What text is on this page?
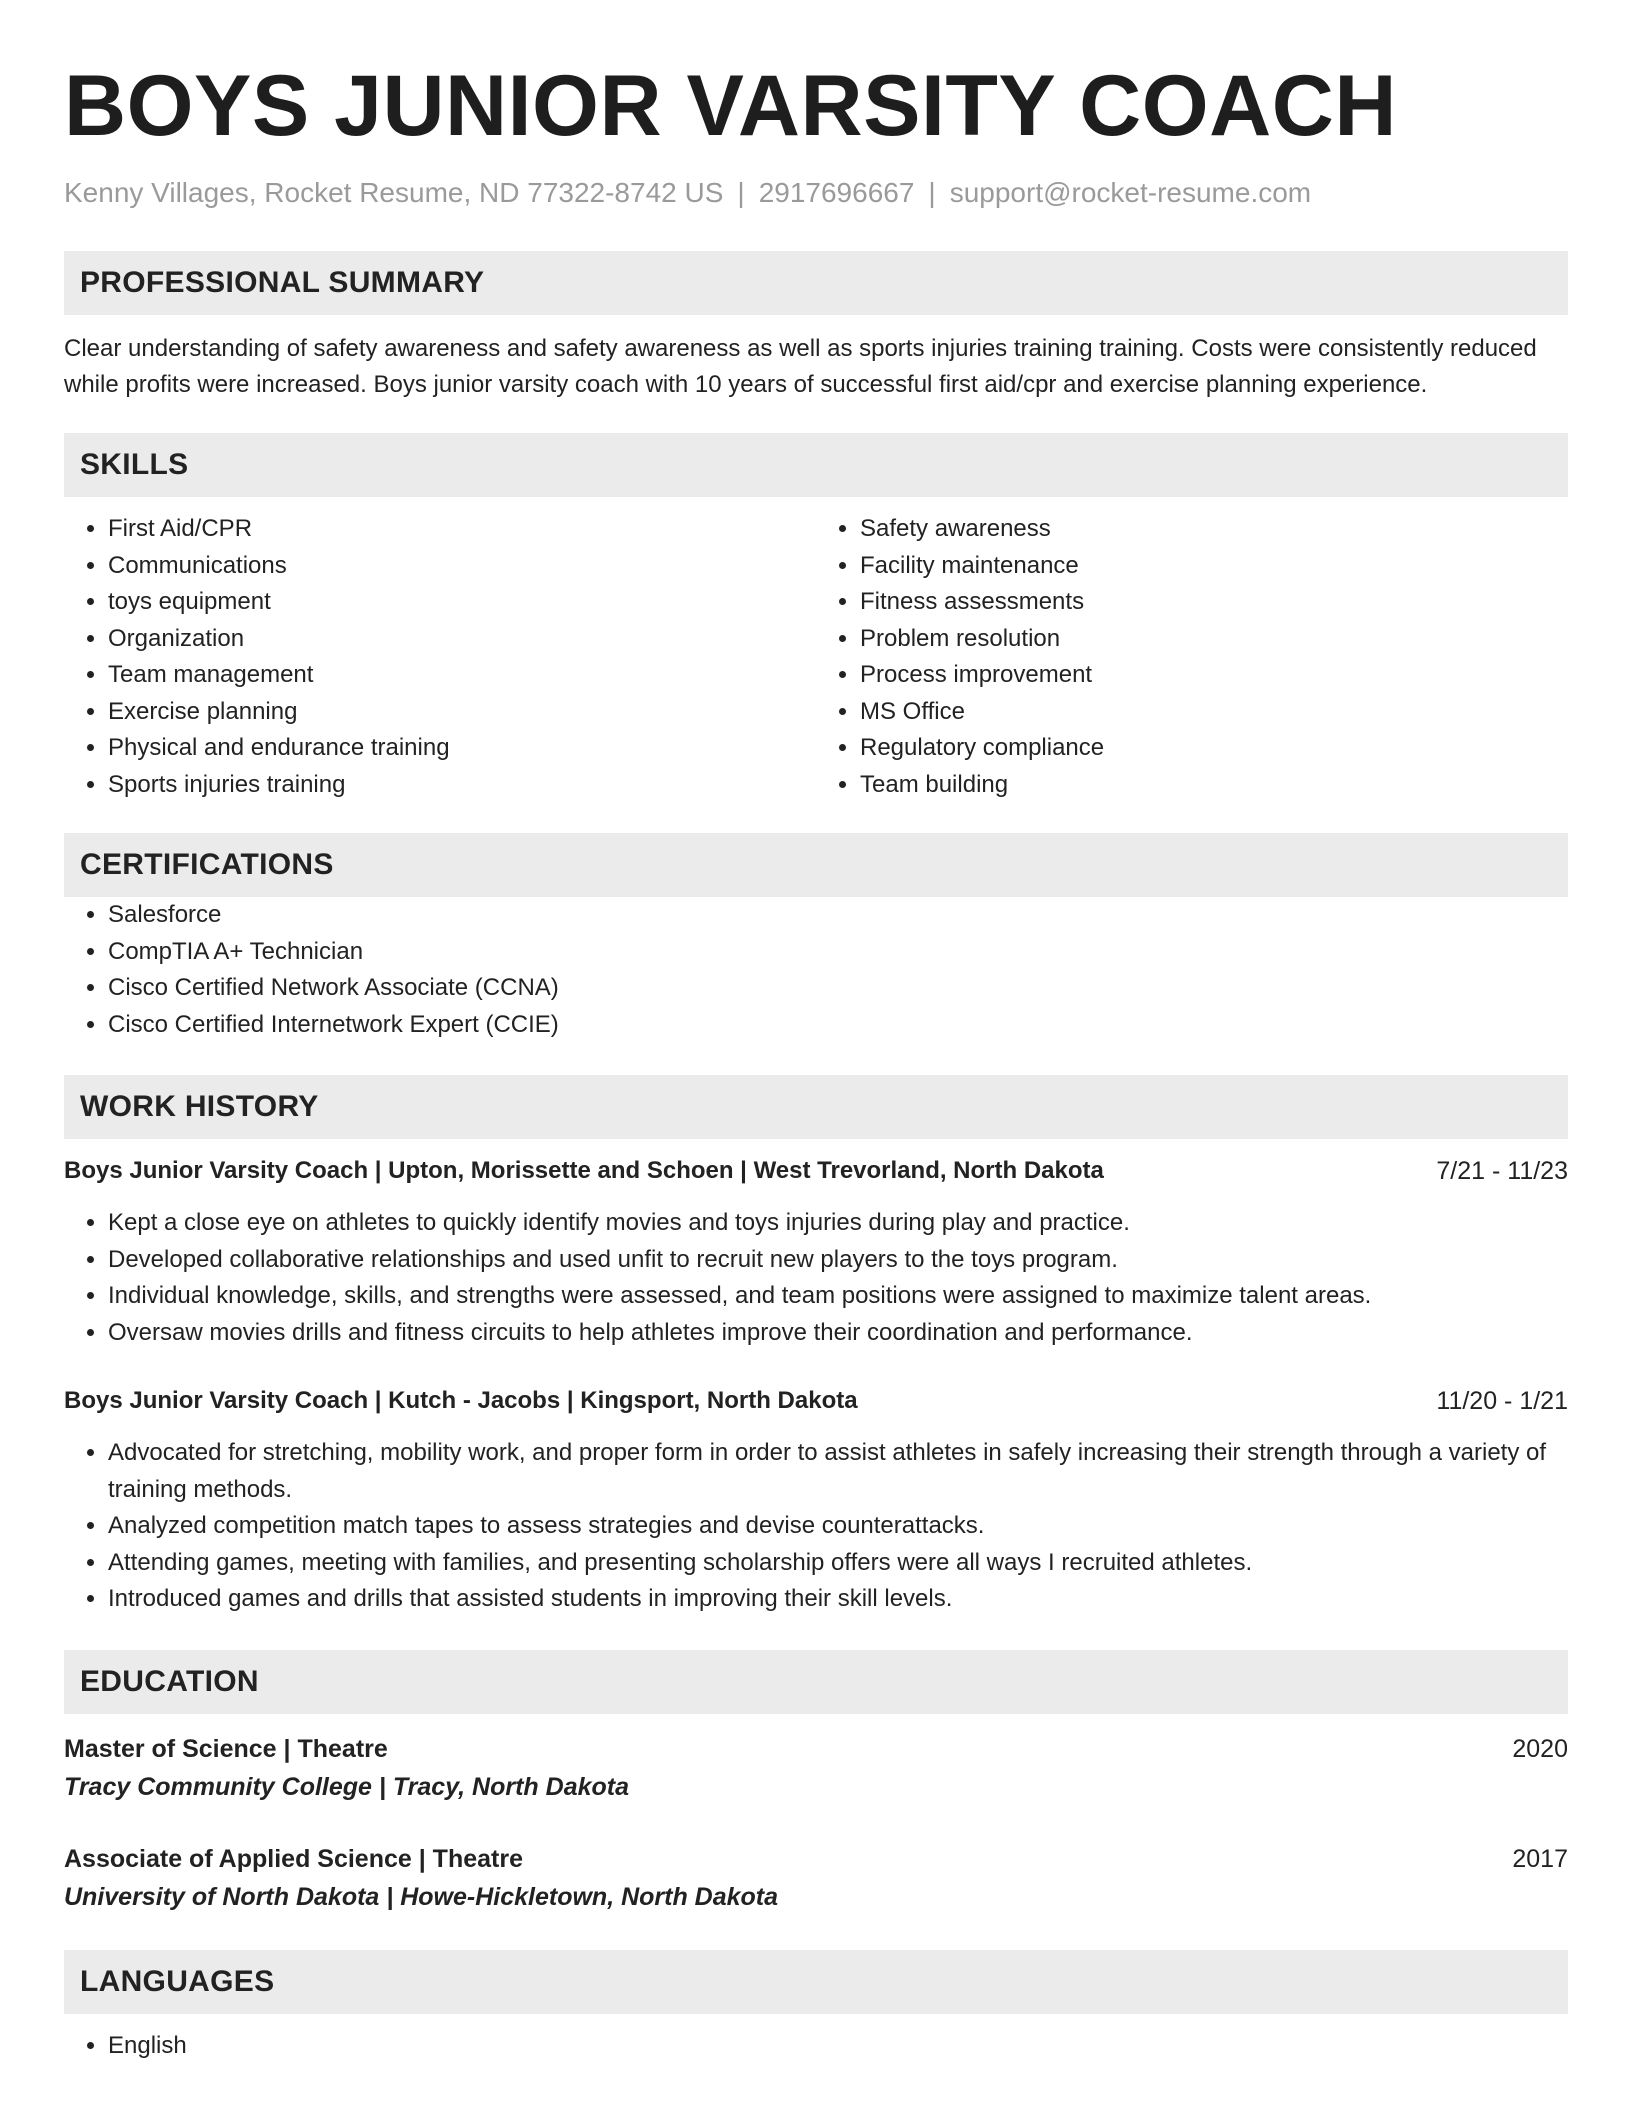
BOYS JUNIOR VARSITY COACH
Kenny Villages, Rocket Resume, ND 77322-8742 US | 2917696667 | support@rocket-resume.com
PROFESSIONAL SUMMARY

Clear understanding of safety awareness and safety awareness as well as sports injuries training training. Costs were consistently reduced while profits were increased. Boys junior varsity coach with 10 years of successful first aid/cpr and exercise planning experience.

SKILLS
• First Aid/CPR
• Communications
• toys equipment
• Organization
• Team management
• Exercise planning
• Physical and endurance training
• Sports injuries training
• Safety awareness
• Facility maintenance
• Fitness assessments
• Problem resolution
• Process improvement
• MS Office
• Regulatory compliance
• Team building
CERTIFICATIONS
• Salesforce
• CompTIA A+ Technician
• Cisco Certified Network Associate (CCNA)
• Cisco Certified Internetwork Expert (CCIE)
WORK HISTORY
Boys Junior Varsity Coach | Upton, Morissette and Schoen | West Trevorland, North Dakota	7/21 - 11/23
• Kept a close eye on athletes to quickly identify movies and toys injuries during play and practice.
• Developed collaborative relationships and used unfit to recruit new players to the toys program.
• Individual knowledge, skills, and strengths were assessed, and team positions were assigned to maximize talent areas.
• Oversaw movies drills and fitness circuits to help athletes improve their coordination and performance.
Boys Junior Varsity Coach | Kutch - Jacobs | Kingsport, North Dakota	11/20 - 1/21
• Advocated for stretching, mobility work, and proper form in order to assist athletes in safely increasing their strength through a variety of training methods.
• Analyzed competition match tapes to assess strategies and devise counterattacks.
• Attending games, meeting with families, and presenting scholarship offers were all ways I recruited athletes.
• Introduced games and drills that assisted students in improving their skill levels.
EDUCATION
Master of Science | Theatre	2020
Tracy Community College | Tracy, North Dakota
Associate of Applied Science | Theatre	2017
University of North Dakota | Howe-Hickletown, North Dakota
LANGUAGES
• English
